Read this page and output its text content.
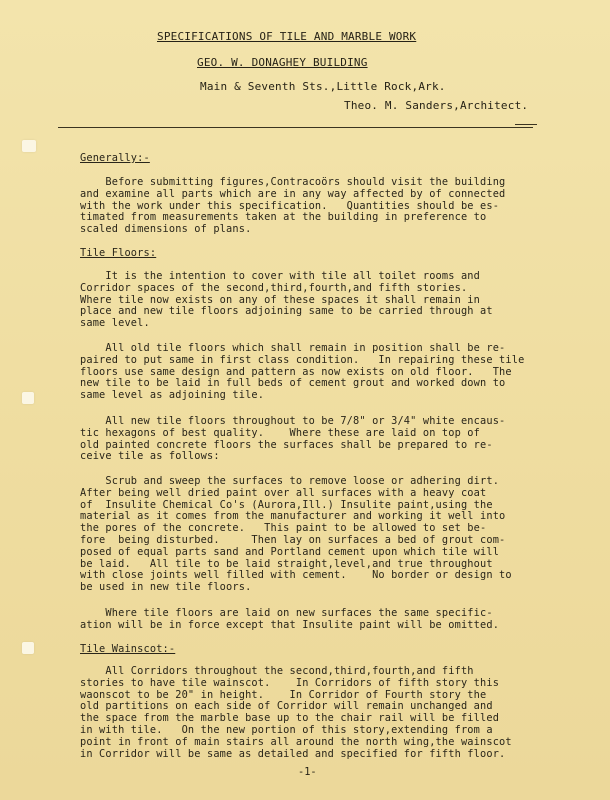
SPECIFICATIONS OF TILE AND MARBLE WORK
GEO. W. DONAGHEY BUILDING
Main & Seventh Sts.,Little Rock,Ark.
Theo. M. Sanders,Architect.
Generally:-
Before submitting figures,Contracoörs should visit the building
and examine all parts which are in any way affected by of connected
with the work under this specification.   Quantities should be es-
timated from measurements taken at the building in preference to
scaled dimensions of plans.
Tile Floors:
It is the intention to cover with tile all toilet rooms and
Corridor spaces of the second,third,fourth,and fifth stories.
Where tile now exists on any of these spaces it shall remain in
place and new tile floors adjoining same to be carried through at
same level.
All old tile floors which shall remain in position shall be re-
paired to put same in first class condition.   In repairing these tile
floors use same design and pattern as now exists on old floor.   The
new tile to be laid in full beds of cement grout and worked down to
same level as adjoining tile.
All new tile floors throughout to be 7/8" or 3/4" white encaus-
tic hexagons of best quality.    Where these are laid on top of
old painted concrete floors the surfaces shall be prepared to re-
ceive tile as follows:
Scrub and sweep the surfaces to remove loose or adhering dirt.
After being well dried paint over all surfaces with a heavy coat
of  Insulite Chemical Co's (Aurora,Ill.) Insulite paint,using the
material as it comes from the manufacturer and working it well into
the pores of the concrete.   This paint to be allowed to set be-
fore  being disturbed.     Then lay on surfaces a bed of grout com-
posed of equal parts sand and Portland cement upon which tile will
be laid.   All tile to be laid straight,level,and true throughout
with close joints well filled with cement.    No border or design to
be used in new tile floors.
Where tile floors are laid on new surfaces the same specific-
ation will be in force except that Insulite paint will be omitted.
Tile Wainscot:-
All Corridors throughout the second,third,fourth,and fifth
stories to have tile wainscot.    In Corridors of fifth story this
waonscot to be 20" in height.    In Corridor of Fourth story the
old partitions on each side of Corridor will remain unchanged and
the space from the marble base up to the chair rail will be filled
in with tile.   On the new portion of this story,extending from a
point in front of main stairs all around the north wing,the wainscot
in Corridor will be same as detailed and specified for fifth floor.
-1-
